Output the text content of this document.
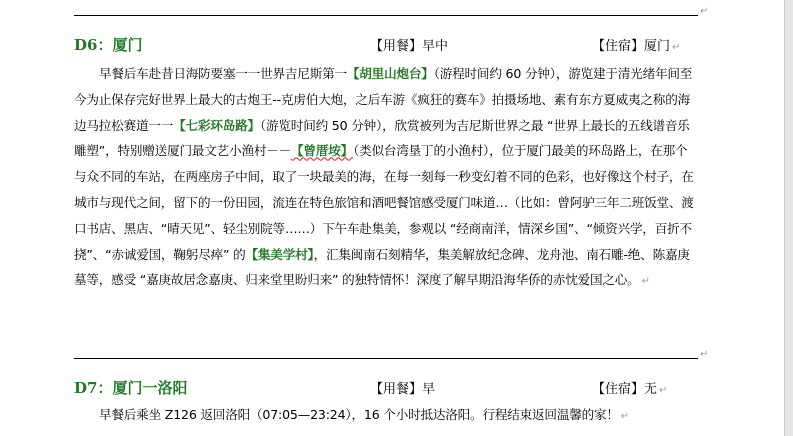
↵
D6：厦门	【用餐】早中	【住宿】厦门 ↵

早餐后车赴昔日海防要塞一一世界吉尼斯第一【胡里山炮台】（游程时间约 60 分钟），游览建于清光绪年间至今为止保存完好世界上最大的古炮王--克虏伯大炮，之后车游《疯狂的赛车》拍摄场地、素有东方夏威夷之称的海边马拉松赛道一一【七彩环岛路】（游览时间约 50 分钟），欣赏被列为吉尼斯世界之最 “世界上最长的五线谱音乐雕塑”，特别赠送厦门最文艺小渔村－－【曾厝垵】（类似台湾垦丁的小渔村），位于厦门最美的环岛路上，在那个与众不同的车站，在两座房子中间，取了一块最美的海，在每一刻每一秒变幻着不同的色彩，也好像这个村子，在城市与现代之间，留下的一份田园，流连在特色旅馆和酒吧餐馆感受厦门味道…（比如：曾阿驴三年二班饭堂、渡口书店、黑店、“晴天见”、轻尘别院等……）下午车赴集美，参观以 “经商南洋，情深乡国”、“倾资兴学，百折不挠”、“赤诚爱国，鞠躬尽瘁” 的【集美学村】，汇集闽南石刻精华，集美解放纪念碑、龙舟池、南石雕-绝、陈嘉庚墓等，感受 “嘉庚故居念嘉庚、归来堂里盼归来” 的独特情怀！深度了解早期沿海华侨的赤忱爱国之心。 ↵

↵
D7：厦门一洛阳	【用餐】早	【住宿】无 ↵

早餐后乘坐 Z126 返回洛阳（07:05—23:24），16 个小时抵达洛阳。行程结束返回温馨的家！ ↵
